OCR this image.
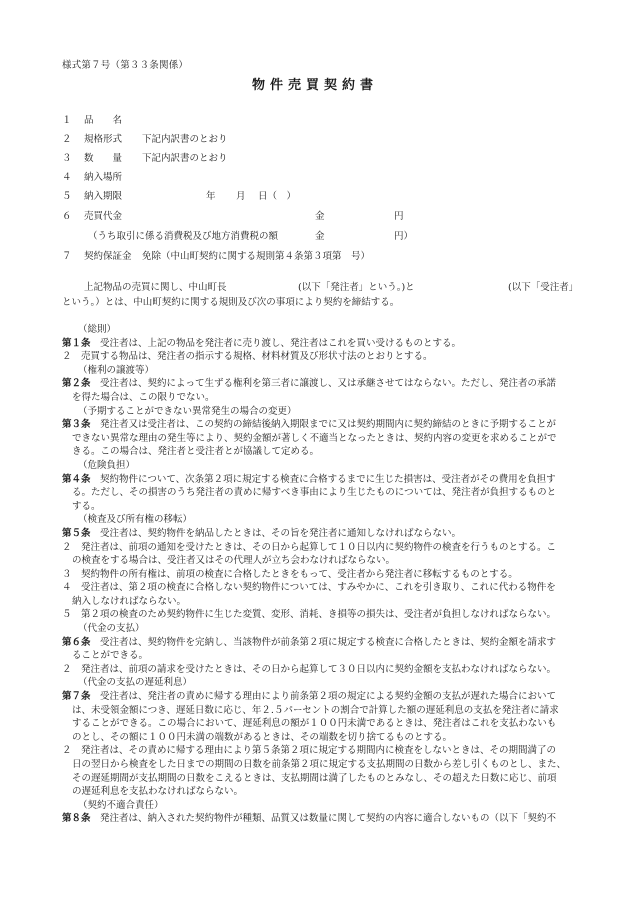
様式第７号（第３３条関係）
物件売買契約書
１ 品　　名
２ 規格形式 下記内訳書のとおり
３ 数　　量 下記内訳書のとおり
４ 納入場所
５ 納入期限	年 月 日（　）
６ 売買代金	金	円
（うち取引に係る消費税及び地方消費税の額	金	円）
７ 契約保証金 免除（中山町契約に関する規則第４条第３項第　号）
上記物品の売買に関し、中山町長	(以下「発注者」という。)と	(以下「受注者」
という。）とは、中山町契約に関する規則及び次の事項により契約を締結する。
（総則）
第１条　受注者は、上記の物品を発注者に売り渡し、発注者はこれを買い受けるものとする。
２　売買する物品は、発注者の指示する規格、材料材質及び形状寸法のとおりとする。
（権利の譲渡等）
第２条　受注者は、契約によって生ずる権利を第三者に譲渡し、又は承継させてはならない。ただし、発注者の承諾
を得た場合は、この限りでない。
（予期することができない異常発生の場合の変更）
第３条　発注者又は受注者は、この契約の締結後納入期限までに又は契約期間内に契約締結のときに予期することが
できない異常な理由の発生等により、契約金額が著しく不適当となったときは、契約内容の変更を求めることがで
きる。この場合は、発注者と受注者とが協議して定める。
（危険負担）
第４条　契約物件について、次条第２項に規定する検査に合格するまでに生じた損害は、受注者がその費用を負担す
る。ただし、その損害のうち発注者の責めに帰すべき事由により生じたものについては、発注者が負担するものと
する。
（検査及び所有権の移転）
第５条　受注者は、契約物件を納品したときは、その旨を発注者に通知しなければならない。
２　発注者は、前項の通知を受けたときは、その日から起算して１０日以内に契約物件の検査を行うものとする。こ
の検査をする場合は、受注者又はその代理人が立ち会わなければならない。
３　契約物件の所有権は、前項の検査に合格したときをもって、受注者から発注者に移転するものとする。
４　受注者は、第２項の検査に合格しない契約物件については、すみやかに、これを引き取り、これに代わる物件を
納入しなければならない。
５　第２項の検査のため契約物件に生じた変質、変形、消耗、き損等の損失は、受注者が負担しなければならない。
（代金の支払）
第６条　受注者は、契約物件を完納し、当該物件が前条第２項に規定する検査に合格したときは、契約金額を請求す
ることができる。
２　発注者は、前項の請求を受けたときは、その日から起算して３０日以内に契約金額を支払わなければならない。
（代金の支払の遅延利息）
第７条　受注者は、発注者の責めに帰する理由により前条第２項の規定による契約金額の支払が遅れた場合において
は、未受領金額につき、遅延日数に応じ、年２.５パーセントの割合で計算した額の遅延利息の支払を発注者に請求
することができる。この場合において、遅延利息の額が１００円未満であるときは、発注者はこれを支払わないも
のとし、その額に１００円未満の端数があるときは、その端数を切り捨てるものとする。
２　発注者は、その責めに帰する理由により第５条第２項に規定する期間内に検査をしないときは、その期間満了の
日の翌日から検査をした日までの期間の日数を前条第２項に規定する支払期間の日数から差し引くものとし、また、
その遅延期間が支払期間の日数をこえるときは、支払期間は満了したものとみなし、その超えた日数に応じ、前項
の遅延利息を支払わなければならない。
（契約不適合責任）
第８条　発注者は、納入された契約物件が種類、品質又は数量に関して契約の内容に適合しないもの（以下「契約不
